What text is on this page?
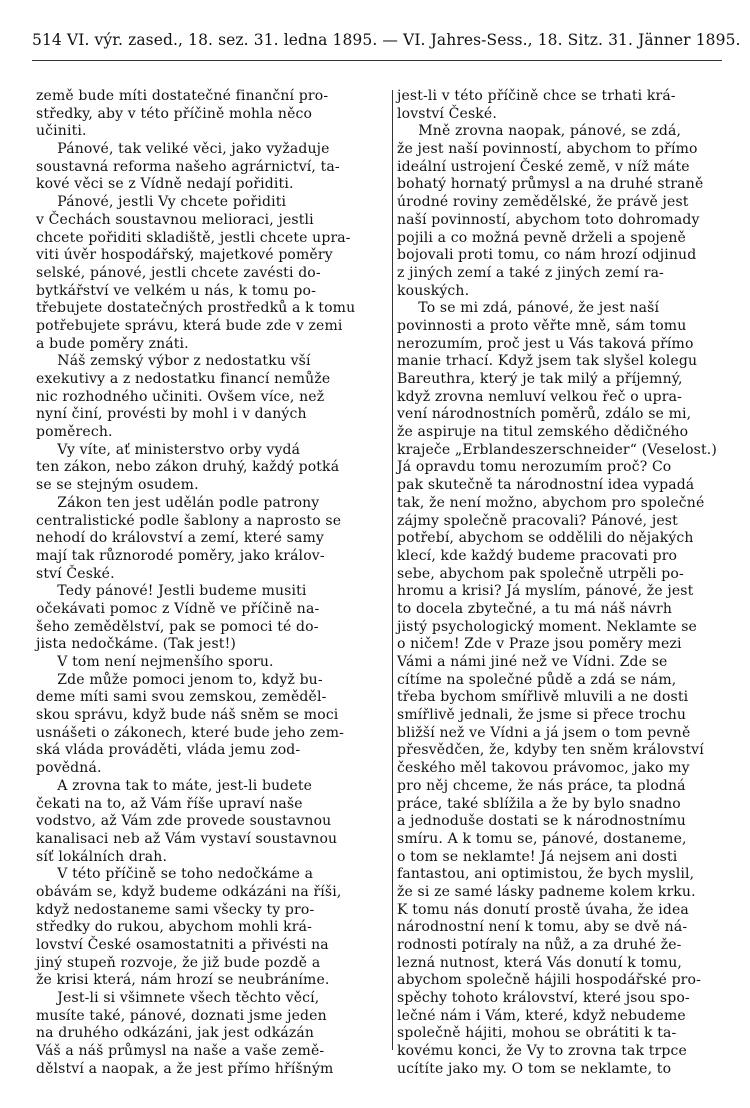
514 VI. výr. zased., 18. sez. 31. ledna 1895. — VI. Jahres-Sess., 18. Sitz. 31. Jänner 1895.
země bude míti dostatečné finanční pro-
středky, aby v této příčině mohla něco
učiniti.
  Pánové, tak veliké věci, jako vyžaduje
soustavná reforma našeho agrárnictví, ta-
kové věci se z Vídně nedají pořiditi.
  Pánové, jestli Vy chcete pořiditi
v Čechách soustavnou melioraci, jestli
chcete pořiditi skladiště, jestli chcete upra-
viti úvěr hospodářský, majetkové poměry
selské, pánové, jestli chcete zavésti do-
bytkářství ve velkém u nás, k tomu po-
třebujete dostatečných prostředků a k tomu
potřebujete správu, která bude zde v zemi
a bude poměry znáti.
  Náš zemský výbor z nedostatku vší
exekutivy a z nedostatku financí nemůže
nic rozhodného učiniti. Ovšem více, než
nyní činí, provésti by mohl i v daných
poměrech.
  Vy víte, ať ministerstvo orby vydá
ten zákon, nebo zákon druhý, každý potká
se se stejným osudem.
  Zákon ten jest udělán podle patrony
centralistické podle šablony a naprosto se
nehodí do království a zemí, které samy
mají tak různorodé poměry, jako králov-
ství České.
  Tedy pánové! Jestli budeme musiti
očekávati pomoc z Vídně ve příčině na-
šeho zemědělství, pak se pomoci té do-
jista nedočkáme. (Tak jest!)
  V tom není nejmenšího sporu.
  Zde může pomoci jenom to, když bu-
deme míti sami svou zemskou, zeměděl-
skou správu, když bude náš sněm se moci
usnášeti o zákonech, které bude jeho zem-
ská vláda prováděti, vláda jemu zod-
povědná.
  A zrovna tak to máte, jest-li budete
čekati na to, až Vám říše upraví naše
vodstvo, až Vám zde provede soustavnou
kanalisaci neb až Vám vystaví soustavnou
síť lokálních drah.
  V této příčině se toho nedočkáme a
obávám se, když budeme odkázáni na říši,
když nedostaneme sami všecky ty pro-
středky do rukou, abychom mohli krá-
lovství České osamostatniti a přivésti na
jiný stupeň rozvoje, že již bude pozdě a
že krisi která, nám hrozí se neubráníme.
  Jest-li si všimnete všech těchto věcí,
musíte také, pánové, doznati jsme jeden
na druhého odkázáni, jak jest odkázán
Váš a náš průmysl na naše a vaše země-
dělství a naopak, a že jest přímo hříšným
jest-li v této příčině chce se trhati krá-
lovství České.
  Mně zrovna naopak, pánové, se zdá,
že jest naší povinností, abychom to přímo
ideální ustrojení České země, v níž máte
bohatý hornatý průmysl a na druhé straně
úrodné roviny zemědělské, že právě jest
naší povinností, abychom toto dohromady
pojili a co možná pevně drželi a spojeně
bojovali proti tomu, co nám hrozí odjinud
z jiných zemí a také z jiných zemí ra-
kouských.
  To se mi zdá, pánové, že jest naší
povinnosti a proto věřte mně, sám tomu
nerozumím, proč jest u Vás taková přímo
manie trhací. Když jsem tak slyšel kolegu
Bareuthra, který je tak milý a příjemný,
když zrovna nemluví velkou řeč o upra-
vení národnostních poměrů, zdálo se mi,
že aspiruje na titul zemského dědičného
kraječe „Erblandeszerschneider“ (Veselost.)
Já opravdu tomu nerozumím proč? Co
pak skutečně ta národnostní idea vypadá
tak, že není možno, abychom pro společné
zájmy společně pracovali? Pánové, jest
potřebí, abychom se oddělili do nějakých
klecí, kde každý budeme pracovati pro
sebe, abychom pak společně utrpěli po-
hromu a krisi? Já myslím, pánové, že jest
to docela zbytečné, a tu má náš návrh
jistý psychologický moment. Neklamte se
o ničem! Zde v Praze jsou poměry mezi
Vámi a námi jiné než ve Vídni. Zde se
cítíme na společné půdě a zdá se nám,
třeba bychom smířlivě mluvili a ne dosti
smířlivě jednali, že jsme si přece trochu
bližší než ve Vídni a já jsem o tom pevně
přesvědčen, že, kdyby ten sněm království
českého měl takovou právomoc, jako my
pro něj chceme, že nás práce, ta plodná
práce, také sblížila a že by bylo snadno
a jednoduše dostati se k národnostnímu
smíru. A k tomu se, pánové, dostaneme,
o tom se neklamte! Já nejsem ani dosti
fantastou, ani optimistou, že bych myslil,
že si ze samé lásky padneme kolem krku.
K tomu nás donutí prostě úvaha, že idea
národnostní není k tomu, aby se dvě ná-
rodnosti potíraly na nůž, a za druhé že-
lezná nutnost, která Vás donutí k tomu,
abychom společně hájili hospodářské pro-
spěchy tohoto království, které jsou spo-
lečné nám i Vám, které, když nebudeme
společně hájiti, mohou se obrátiti k ta-
kovému konci, že Vy to zrovna tak trpce
ucítíte jako my. O tom se neklamte, to
